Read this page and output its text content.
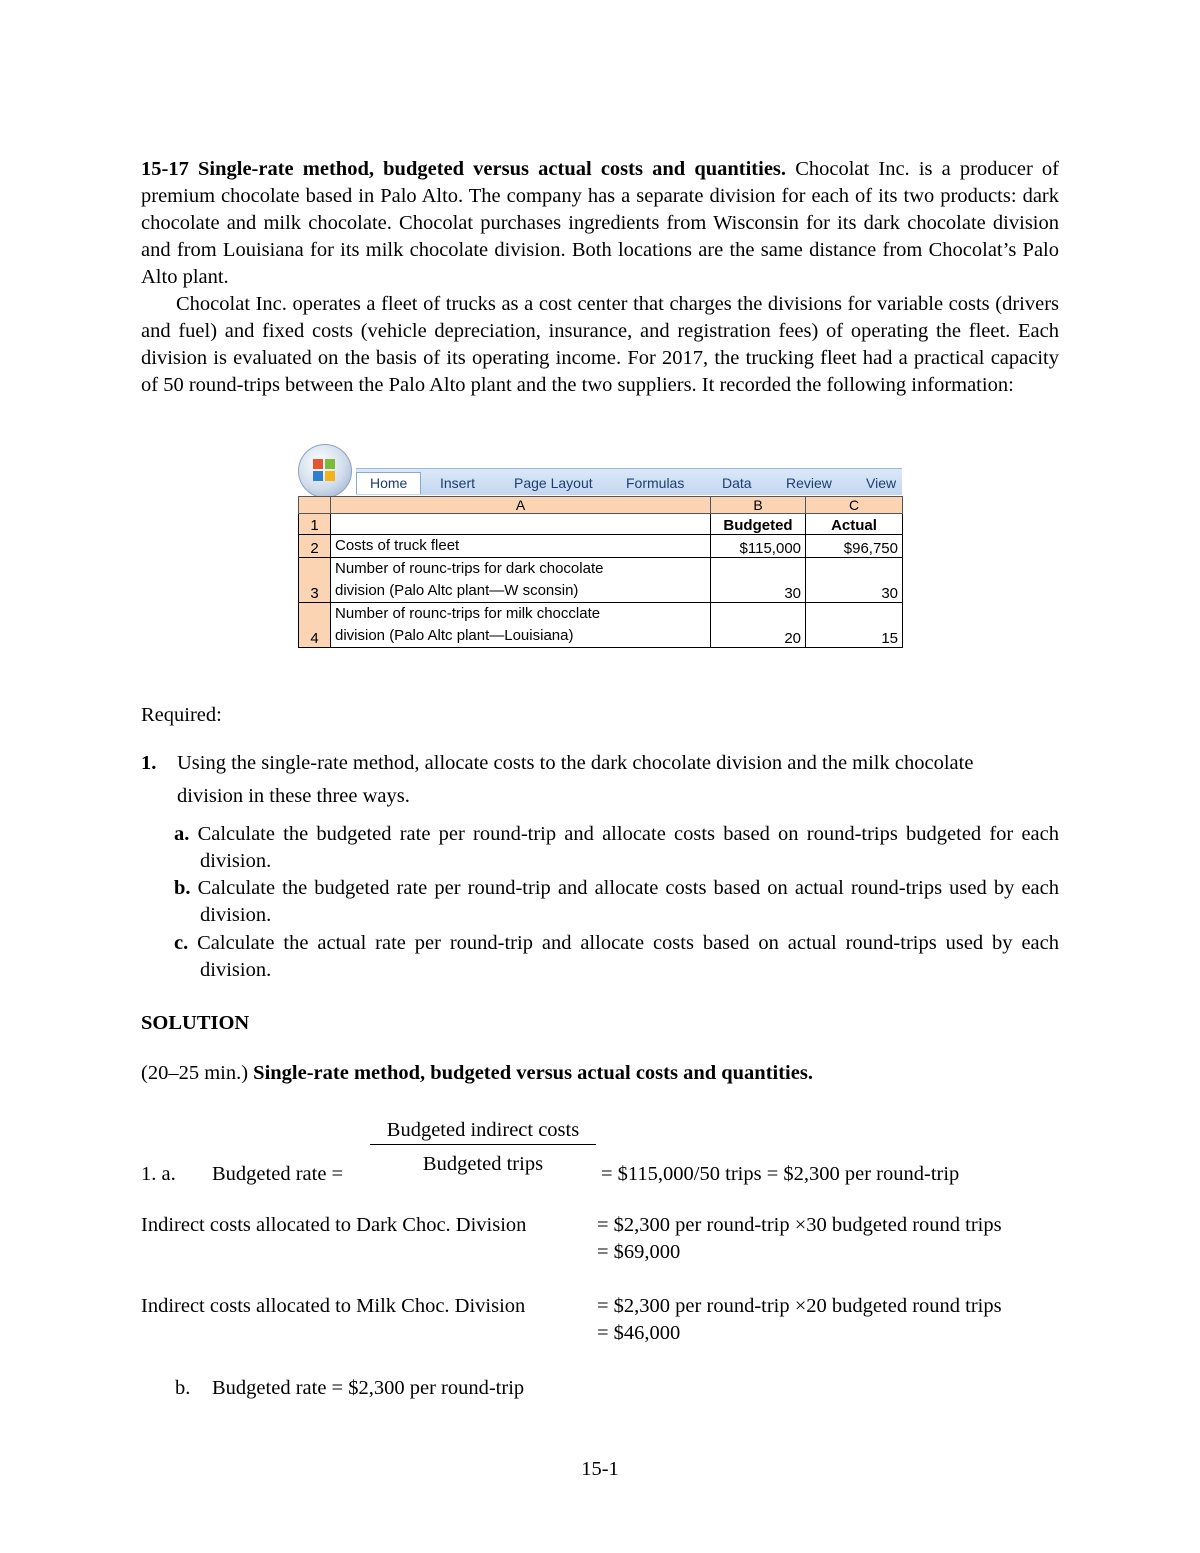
15-17 Single-rate method, budgeted versus actual costs and quantities. Chocolat Inc. is a producer of premium chocolate based in Palo Alto. The company has a separate division for each of its two products: dark chocolate and milk chocolate. Chocolat purchases ingredients from Wisconsin for its dark chocolate division and from Louisiana for its milk chocolate division. Both locations are the same distance from Chocolat’s Palo Alto plant.
Chocolat Inc. operates a fleet of trucks as a cost center that charges the divisions for variable costs (drivers and fuel) and fixed costs (vehicle depreciation, insurance, and registration fees) of operating the fleet. Each division is evaluated on the basis of its operating income. For 2017, the trucking fleet had a practical capacity of 50 round-trips between the Palo Alto plant and the two suppliers. It recorded the following information:
Home	Insert	Page Layout Formulas	Data Review View
	A	B	C
1		Budgeted	Actual
2	Costs of truck fleet	$115,000	$96,750
3	Number of rounc-trips for dark chocolate
division (Palo Altc plant—W sconsin)	30	30
4	Number of rounc-trips for milk chocclate
division (Palo Altc plant—Louisiana)	20	15
Required:
1. Using the single-rate method, allocate costs to the dark chocolate division and the milk chocolate division in these three ways.
a. Calculate the budgeted rate per round-trip and allocate costs based on round-trips budgeted for each division.
b. Calculate the budgeted rate per round-trip and allocate costs based on actual round-trips used by each division.
c. Calculate the actual rate per round-trip and allocate costs based on actual round-trips used by each division.
SOLUTION
(20–25 min.) Single-rate method, budgeted versus actual costs and quantities.
Budgeted indirect costs
Budgeted trips
1. a. Budgeted rate =	= $115,000/50 trips = $2,300 per round-trip
Indirect costs allocated to Dark Choc. Division	= $2,300 per round-trip ×30 budgeted round trips
= $69,000
Indirect costs allocated to Milk Choc. Division	= $2,300 per round-trip ×20 budgeted round trips
= $46,000
b. Budgeted rate = $2,300 per round-trip
15-1
